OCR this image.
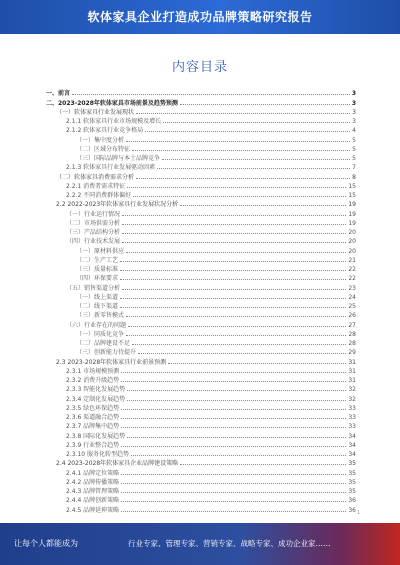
软体家具企业打造成功品牌策略研究报告
内容目录
一、前言	3
二、2023-2028年软体家具市场前景及趋势预测	3
（一）软体家具行业发展现状	3
2.1.1 软体家具行业市场规模及增长	3
2.1.2 软体家具行业竞争格局	4
（一）集中度分析	5
（二）区域分布特征	5
（三）国际品牌与本土品牌竞争	5
2.1.3 软体家具行业发展驱动因素	7
（二）软体家具消费需求分析	8
2.2.1 消费者需求特征	15
2.2.2 不同消费群体偏好	15
2.2 2022-2023年软体家具行业发展状况分析	19
（一）行业运行情况	19
（二）市场供需分析	19
（三）产品结构分析	20
（四）行业技术发展	20
（一）原材料供应	20
（二）生产工艺	21
（三）质量标准	22
（四）环保要求	22
（五）销售渠道分析	23
（一）线上渠道	24
（二）线下渠道	25
（三）新零售模式	26
（六）行业存在的问题	27
（一）同质化竞争	28
（二）品牌建设不足	28
（三）创新能力待提升	29
2.3 2023-2028年软体家具行业前景预测	31
2.3.1 市场规模预测	31
2.3.2 消费升级趋势	31
2.3.3 智能化发展趋势	32
2.3.4 定制化发展趋势	32
2.3.5 绿色环保趋势	33
2.3.6 渠道融合趋势	33
2.3.7 品牌集中趋势	33
2.3.8 国际化发展趋势	34
2.3.9 行业整合趋势	34
2.3.10 服务化转型趋势	34
2.4 2023-2028年软体家具企业品牌建设策略	35
2.4.1 品牌定位策略	35
2.4.2 品牌传播策略	35
2.4.3 品牌管理策略	35
2.4.4 品牌创新策略	36
2.4.5 品牌延伸策略	36 1
让每个人都能成为	行业专家、管理专家、营销专家、战略专家、成功企业家……
